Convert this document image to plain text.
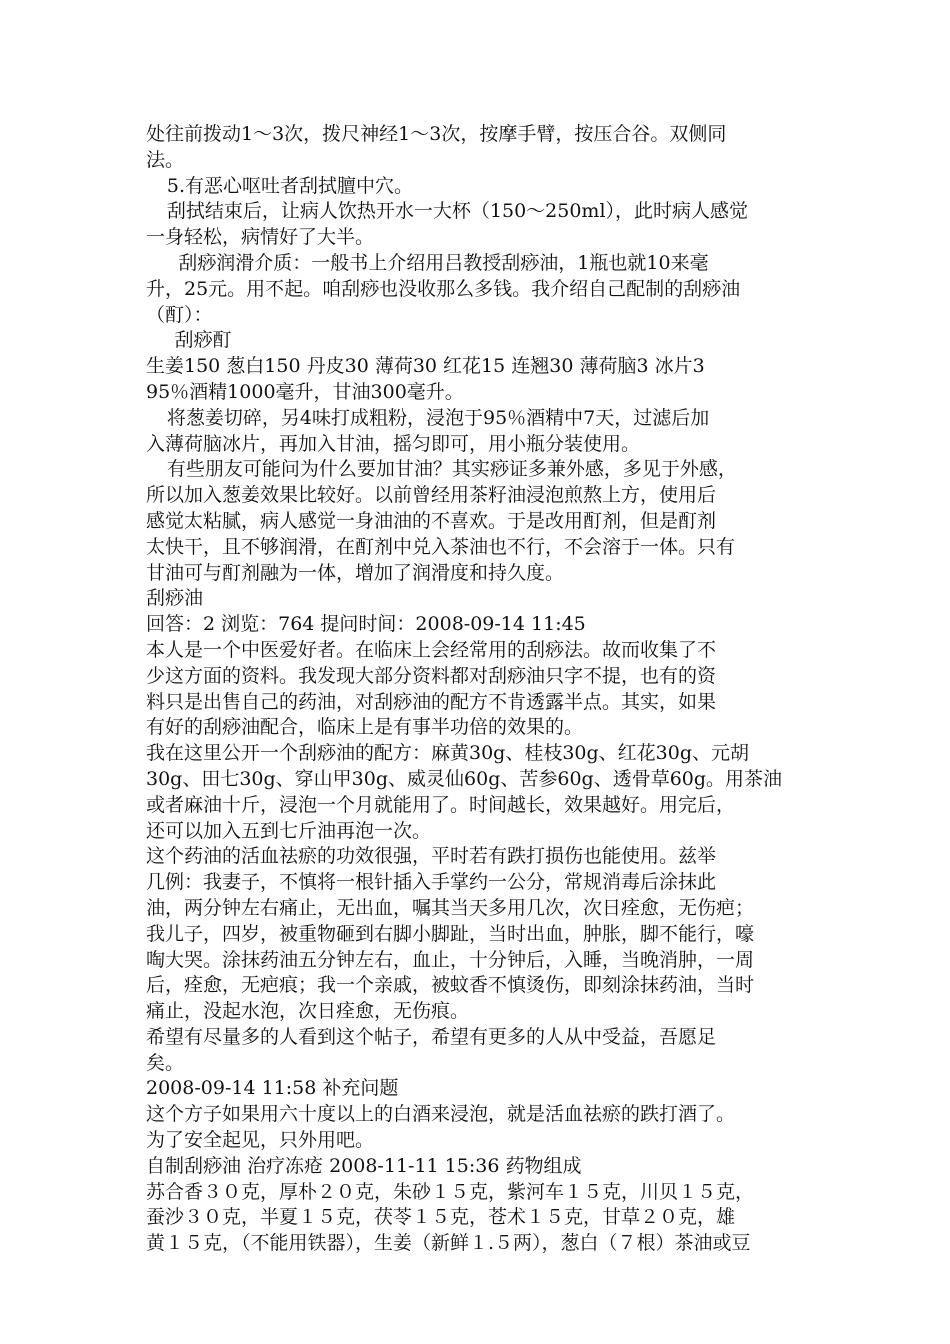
处往前拨动1～3次，拨尺神经1～3次，按摩手臂，按压合谷。双侧同
法。
5.有恶心呕吐者刮拭膻中穴。
刮拭结束后，让病人饮热开水一大杯（150～250ml），此时病人感觉
一身轻松，病情好了大半。
刮痧润滑介质：一般书上介绍用吕教授刮痧油，1瓶也就10来毫
升，25元。用不起。咱刮痧也没收那么多钱。我介绍自己配制的刮痧油
（酊）：
刮痧酊
生姜150 葱白150 丹皮30 薄荷30 红花15 连翘30 薄荷脑3 冰片3
95％酒精1000毫升，甘油300毫升。
将葱姜切碎，另4味打成粗粉，浸泡于95％酒精中7天，过滤后加
入薄荷脑冰片，再加入甘油，摇匀即可，用小瓶分装使用。
有些朋友可能问为什么要加甘油？其实痧证多兼外感，多见于外感，
所以加入葱姜效果比较好。以前曾经用茶籽油浸泡煎熬上方，使用后
感觉太粘腻，病人感觉一身油油的不喜欢。于是改用酊剂，但是酊剂
太快干，且不够润滑，在酊剂中兑入茶油也不行，不会溶于一体。只有
甘油可与酊剂融为一体，增加了润滑度和持久度。
刮痧油
回答：2 浏览：764 提问时间：2008-09-14 11:45
本人是一个中医爱好者。在临床上会经常用的刮痧法。故而收集了不
少这方面的资料。我发现大部分资料都对刮痧油只字不提，也有的资
料只是出售自己的药油，对刮痧油的配方不肯透露半点。其实，如果
有好的刮痧油配合，临床上是有事半功倍的效果的。
我在这里公开一个刮痧油的配方：麻黄30g、桂枝30g、红花30g、元胡
30g、田七30g、穿山甲30g、威灵仙60g、苦参60g、透骨草60g。用茶油
或者麻油十斤，浸泡一个月就能用了。时间越长，效果越好。用完后，
还可以加入五到七斤油再泡一次。
这个药油的活血祛瘀的功效很强，平时若有跌打损伤也能使用。兹举
几例：我妻子，不慎将一根针插入手掌约一公分，常规消毒后涂抹此
油，两分钟左右痛止，无出血，嘱其当天多用几次，次日痊愈，无伤疤；
我儿子，四岁，被重物砸到右脚小脚趾，当时出血，肿胀，脚不能行，嚎
啕大哭。涂抹药油五分钟左右，血止，十分钟后，入睡，当晚消肿，一周
后，痊愈，无疤痕；我一个亲戚，被蚊香不慎烫伤，即刻涂抹药油，当时
痛止，没起水泡，次日痊愈，无伤痕。
希望有尽量多的人看到这个帖子，希望有更多的人从中受益，吾愿足
矣。
2008-09-14 11:58 补充问题
这个方子如果用六十度以上的白酒来浸泡，就是活血祛瘀的跌打酒了。
为了安全起见，只外用吧。
自制刮痧油 治疗冻疮 2008-11-11 15:36 药物组成
苏合香３０克，厚朴２０克，朱砂１５克，紫河车１５克，川贝１５克，
蚕沙３０克，半夏１５克，茯苓１５克，苍术１５克，甘草２０克，雄
黄１５克，（不能用铁器），生姜（新鲜１.５两），葱白（７根）茶油或豆
